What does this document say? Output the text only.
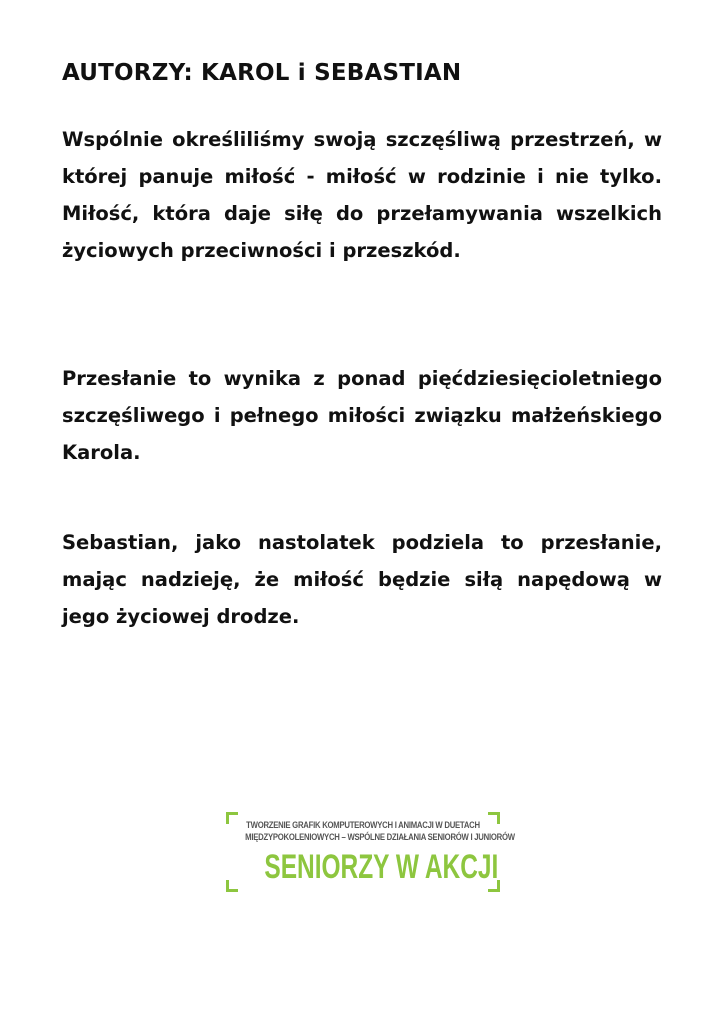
AUTORZY: KAROL i SEBASTIAN

Wspólnie określiliśmy swoją szczęśliwą przestrzeń, w której panuje miłość - miłość w rodzinie i nie tylko. Miłość, która daje siłę do przełamywania wszelkich życiowych przeciwności i przeszkód.

Przesłanie to wynika z ponad pięćdziesięcioletniego szczęśliwego i pełnego miłości związku małżeńskiego Karola.

Sebastian, jako nastolatek podziela to przesłanie, mając nadzieję, że miłość będzie siłą napędową w jego życiowej drodze.

TWORZENIE GRAFIK KOMPUTEROWYCH I ANIMACJI W DUETACH
MIĘDZYPOKOLENIOWYCH – WSPÓLNE DZIAŁANIA SENIORÓW I JUNIORÓW
SENIORZY W AKCJI
